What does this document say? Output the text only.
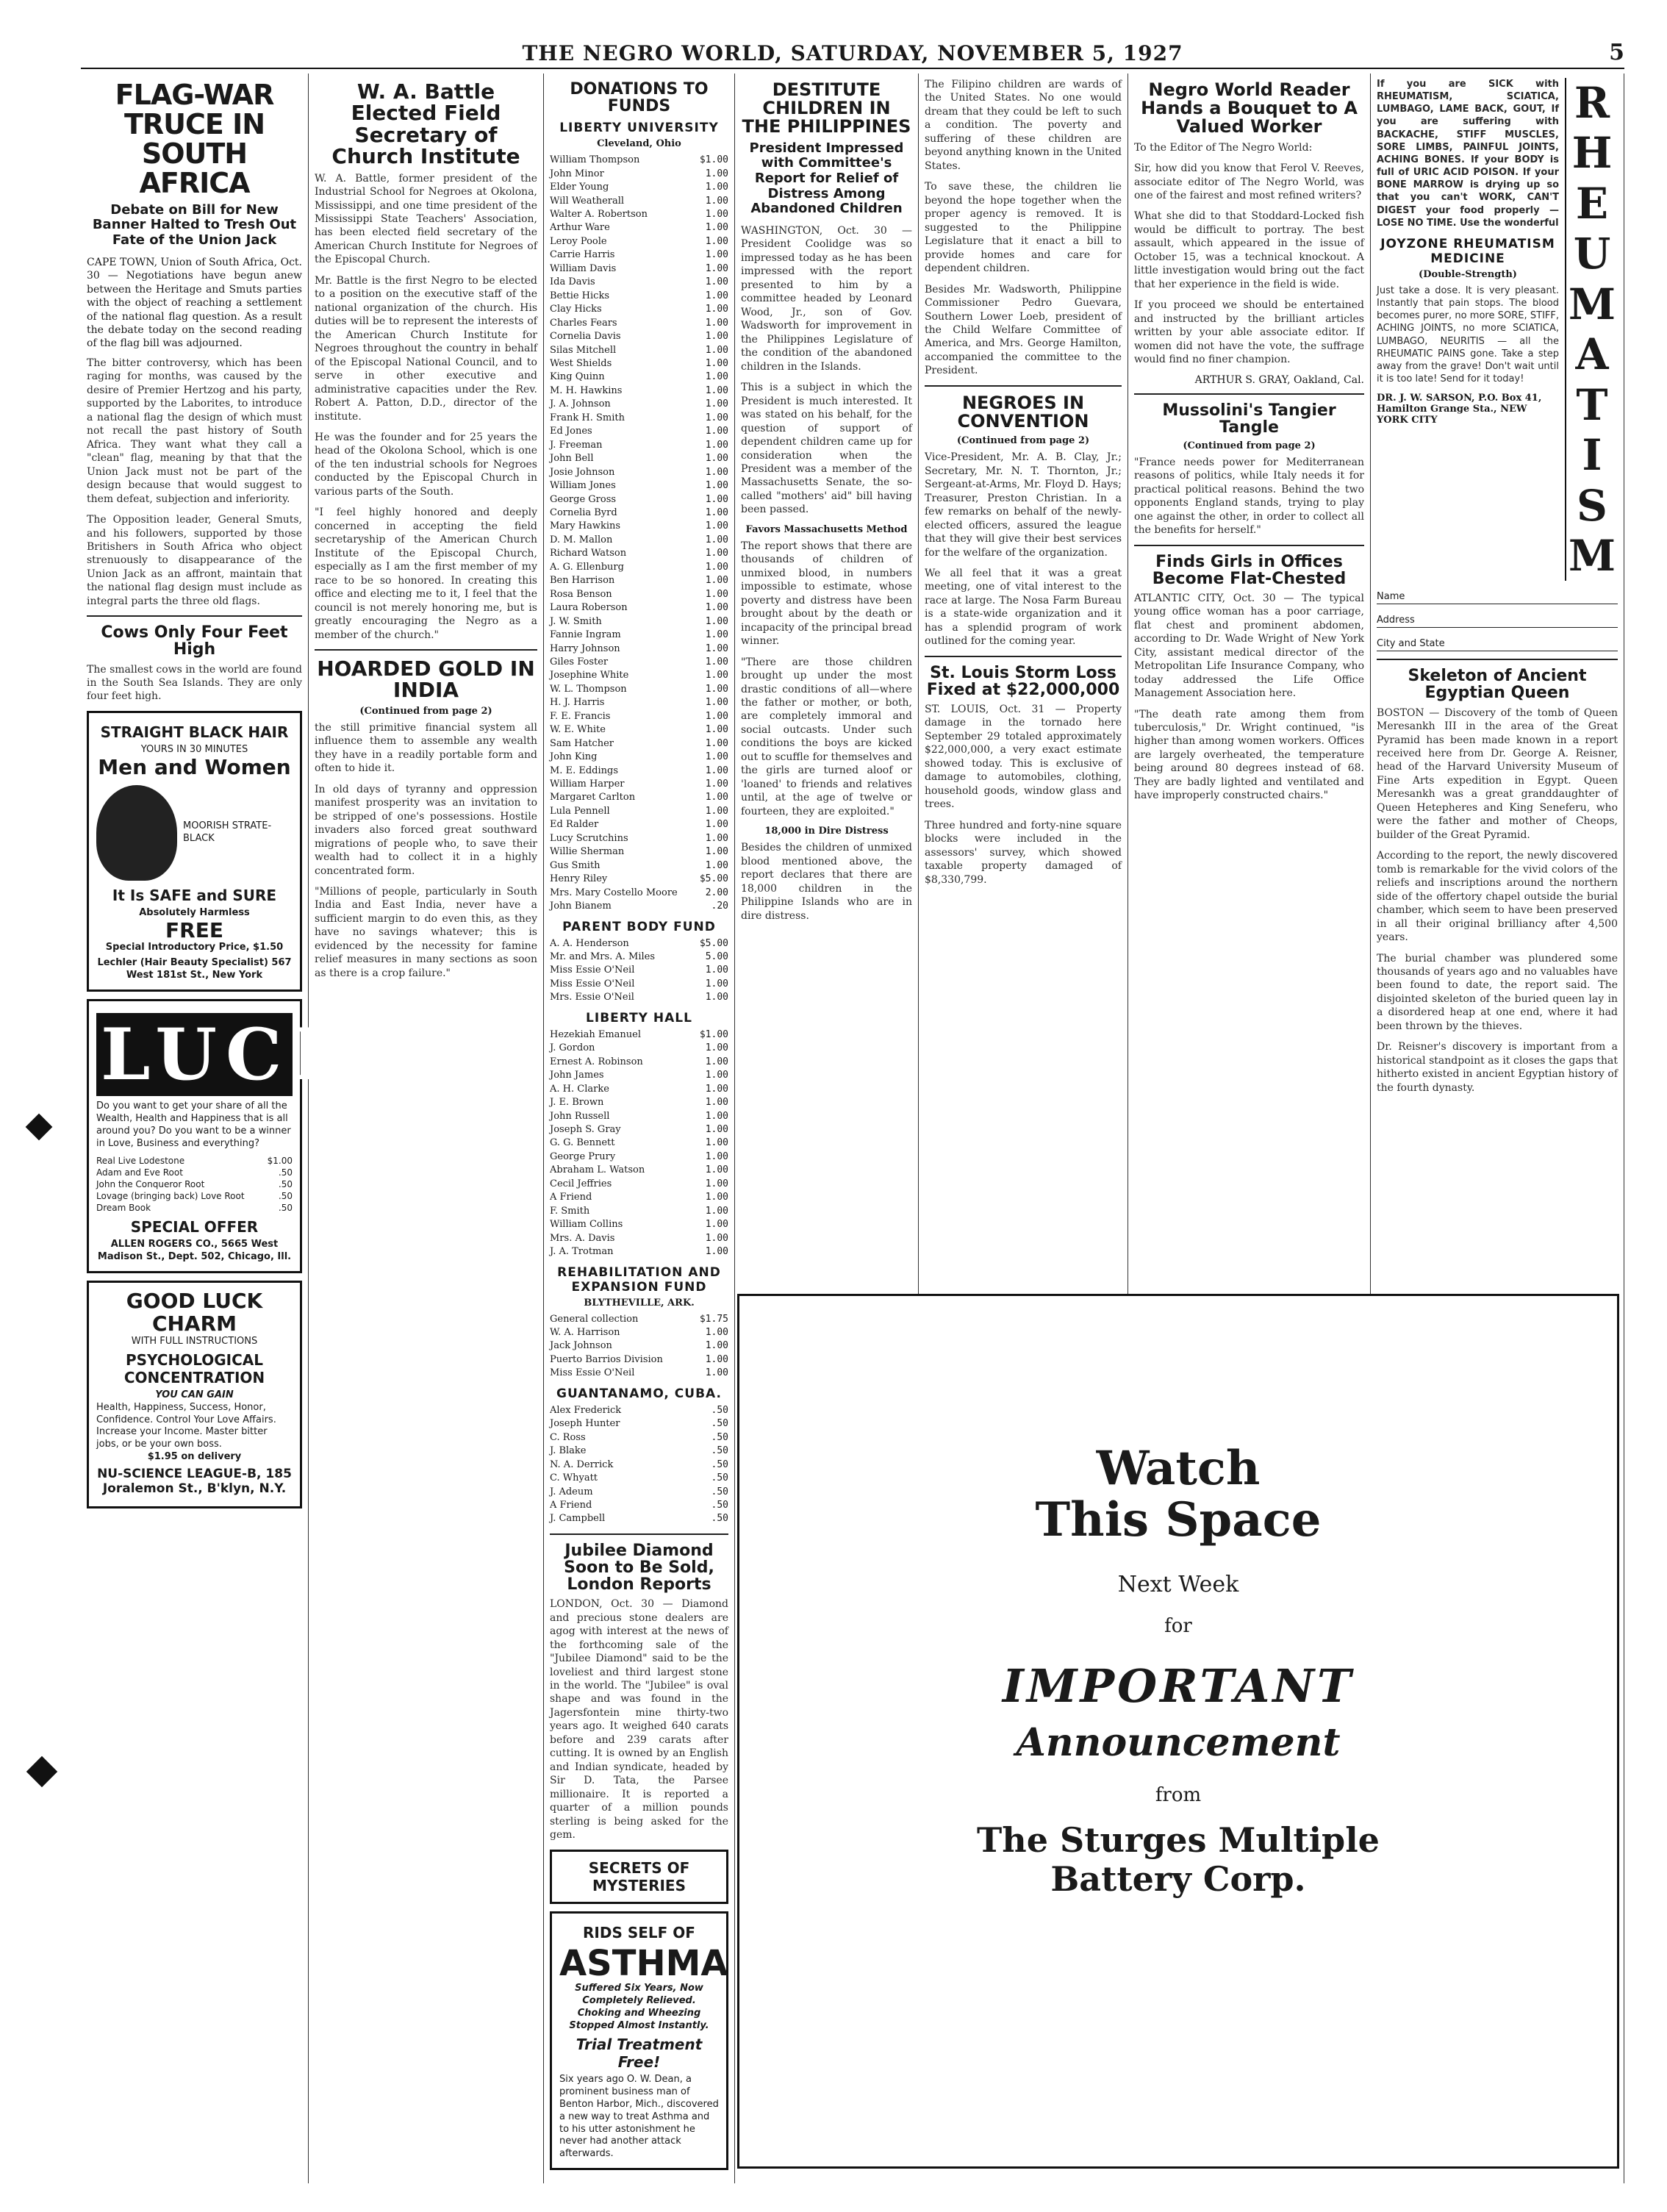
THE NEGRO WORLD, SATURDAY, NOVEMBER 5, 1927	5
FLAG-WAR TRUCE IN SOUTH AFRICA
Debate on Bill for New Banner Halted to Tresh Out Fate of the Union Jack

CAPE TOWN, Union of South Africa, Oct. 30 — Negotiations have begun anew between the Heritage and Smuts parties with the object of reaching a settlement of the national flag question. As a result the debate today on the second reading of the flag bill was adjourned.

The bitter controversy, which has been raging for months, was caused by the desire of Premier Hertzog and his party, supported by the Laborites, to introduce a national flag the design of which must not recall the past history of South Africa. They want what they call a "clean" flag, meaning by that that the Union Jack must not be part of the design because that would suggest to them defeat, subjection and inferiority.

The Opposition leader, General Smuts, and his followers, supported by those Britishers in South Africa who object strenuously to disappearance of the Union Jack as an affront, maintain that the national flag design must include as integral parts the three old flags.

Cows Only Four Feet High

The smallest cows in the world are found in the South Sea Islands. They are only four feet high.

STRAIGHT BLACK HAIR
YOURS IN 30 MINUTES
Men and Women
MOORISH STRATE-BLACK
It Is SAFE and SURE
Absolutely Harmless
FREE
Special Introductory Price, $1.50
Lechler (Hair Beauty Specialist) 567 West 181st St., New York
LUCK
Do you want to get your share of all the Wealth, Health and Happiness that is all around you? Do you want to be a winner in Love, Business and everything?
Real Live Lodestone	$1.00
Adam and Eve Root	.50
John the Conqueror Root	.50
Lovage (bringing back) Love Root	.50
Dream Book	.50
SPECIAL OFFER
ALLEN ROGERS CO., 5665 West Madison St., Dept. 502, Chicago, Ill.
GOOD LUCK CHARM
WITH FULL INSTRUCTIONS
PSYCHOLOGICAL CONCENTRATION
YOU CAN GAIN
Health, Happiness, Success, Honor, Confidence. Control Your Love Affairs. Increase your Income. Master bitter jobs, or be your own boss.
$1.95 on delivery
NU-SCIENCE LEAGUE-B, 185 Joralemon St., B'klyn, N.Y.
W. A. Battle Elected Field Secretary of Church Institute

W. A. Battle, former president of the Industrial School for Negroes at Okolona, Mississippi, and one time president of the Mississippi State Teachers' Association, has been elected field secretary of the American Church Institute for Negroes of the Episcopal Church.

Mr. Battle is the first Negro to be elected to a position on the executive staff of the national organization of the church. His duties will be to represent the interests of the American Church Institute for Negroes throughout the country in behalf of the Episcopal National Council, and to serve in other executive and administrative capacities under the Rev. Robert A. Patton, D.D., director of the institute.

He was the founder and for 25 years the head of the Okolona School, which is one of the ten industrial schools for Negroes conducted by the Episcopal Church in various parts of the South.

"I feel highly honored and deeply concerned in accepting the field secretaryship of the American Church Institute of the Episcopal Church, especially as I am the first member of my race to be so honored. In creating this office and electing me to it, I feel that the council is not merely honoring me, but is greatly encouraging the Negro as a member of the church."

HOARDED GOLD IN INDIA
(Continued from page 2)

the still primitive financial system all influence them to assemble any wealth they have in a readily portable form and often to hide it.

In old days of tyranny and oppression manifest prosperity was an invitation to be stripped of one's possessions. Hostile invaders also forced great southward migrations of people who, to save their wealth had to collect it in a highly concentrated form.

"Millions of people, particularly in South India and East India, never have a sufficient margin to do even this, as they have no savings whatever; this is evidenced by the necessity for famine relief measures in many sections as soon as there is a crop failure."

DONATIONS TO FUNDS
LIBERTY UNIVERSITY
Cleveland, Ohio
William Thompson	$1.00
John Minor	1.00
Elder Young	1.00
Will Weatherall	1.00
Walter A. Robertson	1.00
Arthur Ware	1.00
Leroy Poole	1.00
Carrie Harris	1.00
William Davis	1.00
Ida Davis	1.00
Bettie Hicks	1.00
Clay Hicks	1.00
Charles Fears	1.00
Cornelia Davis	1.00
Silas Mitchell	1.00
West Shields	1.00
King Quinn	1.00
M. H. Hawkins	1.00
J. A. Johnson	1.00
Frank H. Smith	1.00
Ed Jones	1.00
J. Freeman	1.00
John Bell	1.00
Josie Johnson	1.00
William Jones	1.00
George Gross	1.00
Cornelia Byrd	1.00
Mary Hawkins	1.00
D. M. Mallon	1.00
Richard Watson	1.00
A. G. Ellenburg	1.00
Ben Harrison	1.00
Rosa Benson	1.00
Laura Roberson	1.00
J. W. Smith	1.00
Fannie Ingram	1.00
Harry Johnson	1.00
Giles Foster	1.00
Josephine White	1.00
W. L. Thompson	1.00
H. J. Harris	1.00
F. E. Francis	1.00
W. E. White	1.00
Sam Hatcher	1.00
John King	1.00
M. E. Eddings	1.00
William Harper	1.00
Margaret Carlton	1.00
Lula Pennell	1.00
Ed Ralder	1.00
Lucy Scrutchins	1.00
Willie Sherman	1.00
Gus Smith	1.00
Henry Riley	$5.00
Mrs. Mary Costello Moore	2.00
John Bianem	.20
PARENT BODY FUND
A. A. Henderson	$5.00
Mr. and Mrs. A. Miles	5.00
Miss Essie O'Neil	1.00
Miss Essie O'Neil	1.00
Mrs. Essie O'Neil	1.00
LIBERTY HALL
Hezekiah Emanuel	$1.00
J. Gordon	1.00
Ernest A. Robinson	1.00
John James	1.00
A. H. Clarke	1.00
J. E. Brown	1.00
John Russell	1.00
Joseph S. Gray	1.00
G. G. Bennett	1.00
George Prury	1.00
Abraham L. Watson	1.00
Cecil Jeffries	1.00
A Friend	1.00
F. Smith	1.00
William Collins	1.00
Mrs. A. Davis	1.00
J. A. Trotman	1.00
REHABILITATION AND EXPANSION FUND
BLYTHEVILLE, ARK.
General collection	$1.75
W. A. Harrison	1.00
Jack Johnson	1.00
Puerto Barrios Division	1.00
Miss Essie O'Neil	1.00
GUANTANAMO, CUBA.
Alex Frederick	.50
Joseph Hunter	.50
C. Ross	.50
J. Blake	.50
N. A. Derrick	.50
C. Whyatt	.50
J. Adeum	.50
A Friend	.50
J. Campbell	.50
Jubilee Diamond Soon to Be Sold, London Reports

LONDON, Oct. 30 — Diamond and precious stone dealers are agog with interest at the news of the forthcoming sale of the "Jubilee Diamond" said to be the loveliest and third largest stone in the world. The "Jubilee" is oval shape and was found in the Jagersfontein mine thirty-two years ago. It weighed 640 carats before and 239 carats after cutting. It is owned by an English and Indian syndicate, headed by Sir D. Tata, the Parsee millionaire. It is reported a quarter of a million pounds sterling is being asked for the gem.

SECRETS OF MYSTERIES
RIDS SELF OF
ASTHMA
Suffered Six Years, Now Completely Relieved. Choking and Wheezing Stopped Almost Instantly.
Trial Treatment Free!
Six years ago O. W. Dean, a prominent business man of Benton Harbor, Mich., discovered a new way to treat Asthma and to his utter astonishment he never had another attack afterwards.
DESTITUTE CHILDREN IN THE PHILIPPINES
President Impressed with Committee's Report for Relief of Distress Among Abandoned Children

WASHINGTON, Oct. 30 — President Coolidge was so impressed today as he has been impressed with the report presented to him by a committee headed by Leonard Wood, Jr., son of Gov. Wadsworth for improvement in the Philippines Legislature of the condition of the abandoned children in the Islands.

This is a subject in which the President is much interested. It was stated on his behalf, for the question of support of dependent children came up for consideration when the President was a member of the Massachusetts Senate, the so-called "mothers' aid" bill having been passed.

Favors Massachusetts Method

The report shows that there are thousands of children of unmixed blood, in numbers impossible to estimate, whose poverty and distress have been brought about by the death or incapacity of the principal bread winner.

"There are those children brought up under the most drastic conditions of all—where the father or mother, or both, are completely immoral and social outcasts. Under such conditions the boys are kicked out to scuffle for themselves and the girls are turned aloof or 'loaned' to friends and relatives until, at the age of twelve or fourteen, they are exploited."

18,000 in Dire Distress

Besides the children of unmixed blood mentioned above, the report declares that there are 18,000 children in the Philippine Islands who are in dire distress.

The Filipino children are wards of the United States. No one would dream that they could be left to such a condition. The poverty and suffering of these children are beyond anything known in the United States.

To save these, the children lie beyond the hope together when the proper agency is removed. It is suggested to the Philippine Legislature that it enact a bill to provide homes and care for dependent children.

Besides Mr. Wadsworth, Philippine Commissioner Pedro Guevara, Southern Lower Loeb, president of the Child Welfare Committee of America, and Mrs. George Hamilton, accompanied the committee to the President.

NEGROES IN CONVENTION
(Continued from page 2)

Vice-President, Mr. A. B. Clay, Jr.; Secretary, Mr. N. T. Thornton, Jr.; Sergeant-at-Arms, Mr. Floyd D. Hays; Treasurer, Preston Christian. In a few remarks on behalf of the newly-elected officers, assured the league that they will give their best services for the welfare of the organization.

We all feel that it was a great meeting, one of vital interest to the race at large. The Nosa Farm Bureau is a state-wide organization and it has a splendid program of work outlined for the coming year.

St. Louis Storm Loss Fixed at $22,000,000

ST. LOUIS, Oct. 31 — Property damage in the tornado here September 29 totaled approximately $22,000,000, a very exact estimate showed today. This is exclusive of damage to automobiles, clothing, household goods, window glass and trees.

Three hundred and forty-nine square blocks were included in the assessors' survey, which showed taxable property damaged of $8,330,799.

Negro World Reader Hands a Bouquet to A Valued Worker

To the Editor of The Negro World:

Sir, how did you know that Ferol V. Reeves, associate editor of The Negro World, was one of the fairest and most refined writers?

What she did to that Stoddard-Locked fish would be difficult to portray. The best assault, which appeared in the issue of October 15, was a technical knockout. A little investigation would bring out the fact that her experience in the field is wide.

If you proceed we should be entertained and instructed by the brilliant articles written by your able associate editor. If women did not have the vote, the suffrage would find no finer champion.

ARTHUR S. GRAY, Oakland, Cal.

Mussolini's Tangier Tangle
(Continued from page 2)

"France needs power for Mediterranean reasons of politics, while Italy needs it for practical political reasons. Behind the two opponents England stands, trying to play one against the other, in order to collect all the benefits for herself."

Finds Girls in Offices Become Flat-Chested

ATLANTIC CITY, Oct. 30 — The typical young office woman has a poor carriage, flat chest and prominent abdomen, according to Dr. Wade Wright of New York City, assistant medical director of the Metropolitan Life Insurance Company, who today addressed the Life Office Management Association here.

"The death rate among them from tuberculosis," Dr. Wright continued, "is higher than among women workers. Offices are largely overheated, the temperature being around 80 degrees instead of 68. They are badly lighted and ventilated and have improperly constructed chairs."

If you are SICK with RHEUMATISM, SCIATICA, LUMBAGO, LAME BACK, GOUT, If you are suffering with BACKACHE, STIFF MUSCLES, SORE LIMBS, PAINFUL JOINTS, ACHING BONES. If your BODY is full of URIC ACID POISON. If your BONE MARROW is drying up so that you can't WORK, CAN'T DIGEST your food properly — LOSE NO TIME. Use the wonderful

JOYZONE RHEUMATISM MEDICINE
(Double-Strength)

Just take a dose. It is very pleasant. Instantly that pain stops. The blood becomes purer, no more SORE, STIFF, ACHING JOINTS, no more SCIATICA, LUMBAGO, NEURITIS — all the RHEUMATIC PAINS gone. Take a step away from the grave! Don't wait until it is too late! Send for it today!

DR. J. W. SARSON, P.O. Box 41, Hamilton Grange Sta., NEW YORK CITY
R
H
E
U
M
A
T
I
S
M
Name
Address
City and State
Skeleton of Ancient Egyptian Queen

BOSTON — Discovery of the tomb of Queen Meresankh III in the area of the Great Pyramid has been made known in a report received here from Dr. George A. Reisner, head of the Harvard University Museum of Fine Arts expedition in Egypt. Queen Meresankh was a great granddaughter of Queen Hetepheres and King Seneferu, who were the father and mother of Cheops, builder of the Great Pyramid.

According to the report, the newly discovered tomb is remarkable for the vivid colors of the reliefs and inscriptions around the northern side of the offertory chapel outside the burial chamber, which seem to have been preserved in all their original brilliancy after 4,500 years.

The burial chamber was plundered some thousands of years ago and no valuables have been found to date, the report said. The disjointed skeleton of the buried queen lay in a disordered heap at one end, where it had been thrown by the thieves.

Dr. Reisner's discovery is important from a historical standpoint as it closes the gaps that hitherto existed in ancient Egyptian history of the fourth dynasty.

Watch
This Space
Next Week
for
IMPORTANT
Announcement
from
The Sturges Multiple
Battery Corp.
